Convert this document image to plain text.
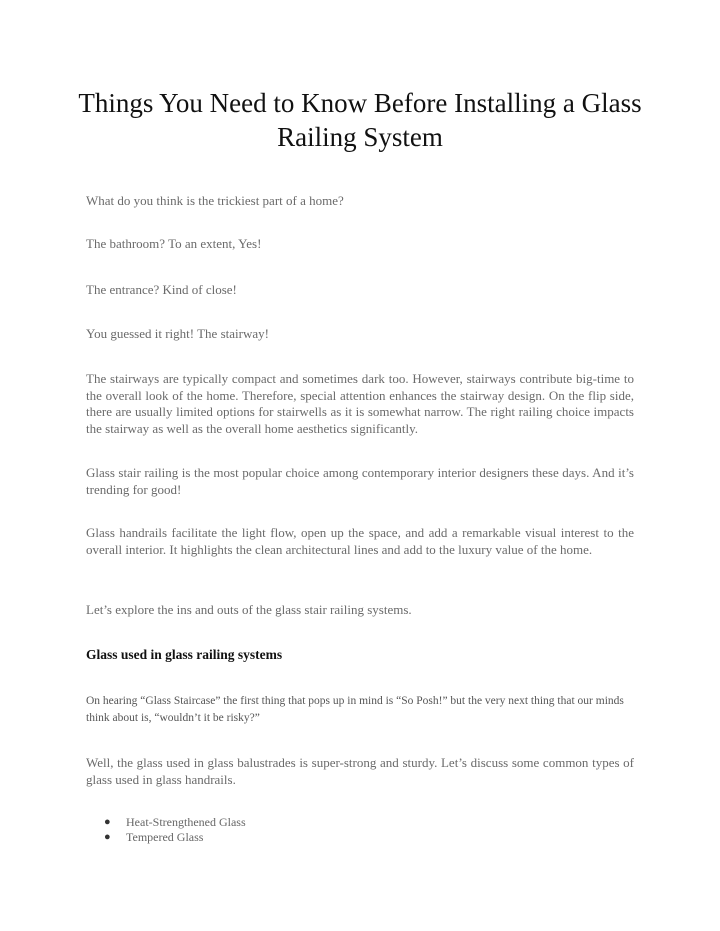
Things You Need to Know Before Installing a Glass Railing System
What do you think is the trickiest part of a home?
The bathroom? To an extent, Yes!
The entrance? Kind of close!
You guessed it right! The stairway!
The stairways are typically compact and sometimes dark too. However, stairways contribute big-time to the overall look of the home. Therefore, special attention enhances the stairway design. On the flip side, there are usually limited options for stairwells as it is somewhat narrow. The right railing choice impacts the stairway as well as the overall home aesthetics significantly.
Glass stair railing is the most popular choice among contemporary interior designers these days. And it’s trending for good!
Glass handrails facilitate the light flow, open up the space, and add a remarkable visual interest to the overall interior. It highlights the clean architectural lines and add to the luxury value of the home.
Let’s explore the ins and outs of the glass stair railing systems.
Glass used in glass railing systems
On hearing “Glass Staircase” the first thing that pops up in mind is “So Posh!” but the very next thing that our minds think about is, “wouldn’t it be risky?”
Well, the glass used in glass balustrades is super-strong and sturdy. Let’s discuss some common types of glass used in glass handrails.
● Heat-Strengthened Glass
● Tempered Glass
